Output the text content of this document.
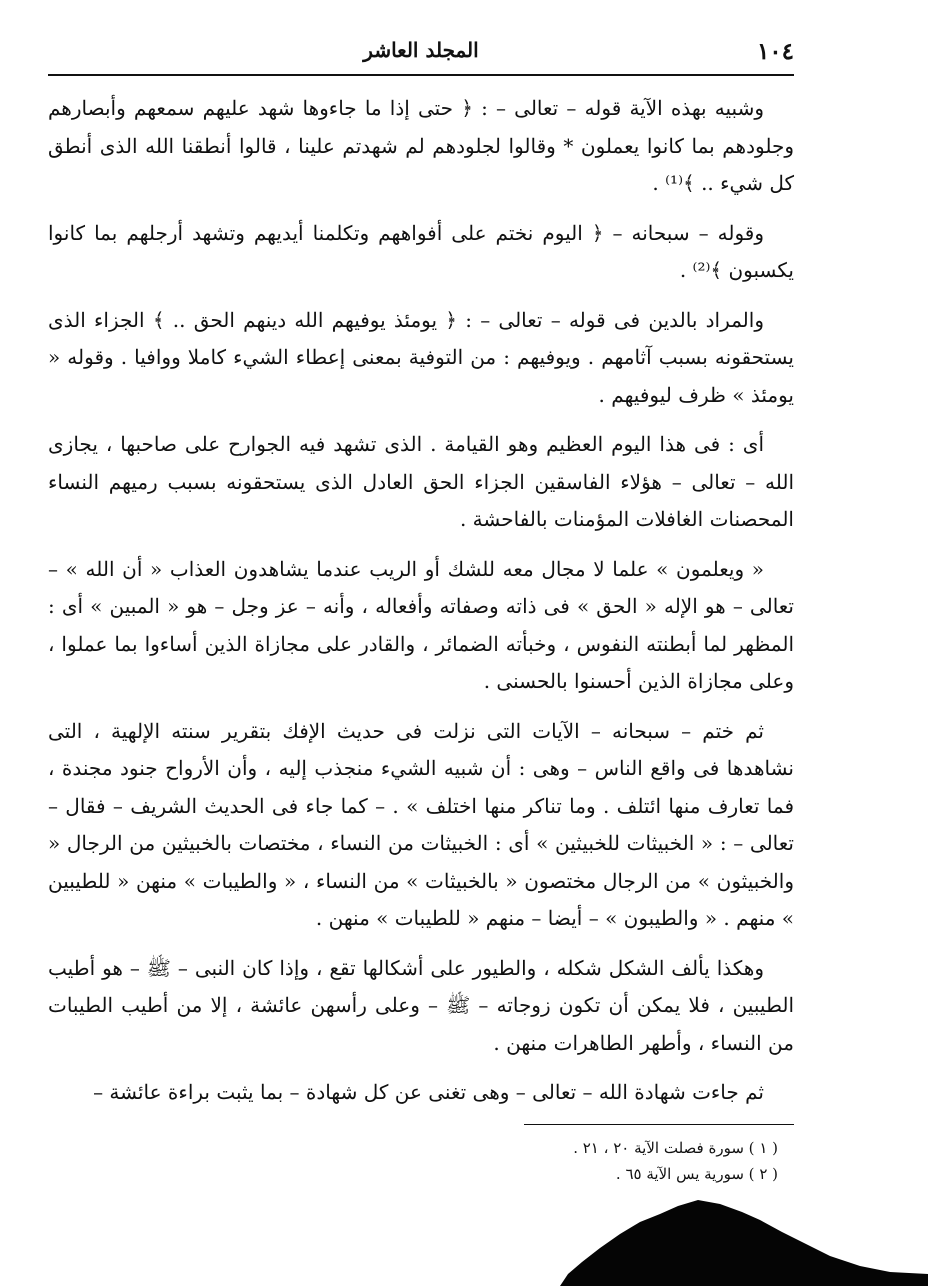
١٠٤
المجلد العاشر

وشبيه بهذه الآية قوله – تعالى – : ﴿ حتى إذا ما جاءوها شهد عليهم سمعهم وأبصارهم وجلودهم بما كانوا يعملون * وقالوا لجلودهم لم شهدتم علينا ، قالوا أنطقنا الله الذى أنطق كل شيء .. ﴾⁽¹⁾ .

وقوله – سبحانه – ﴿ اليوم نختم على أفواههم وتكلمنا أيديهم وتشهد أرجلهم بما كانوا يكسبون ﴾⁽²⁾ .

والمراد بالدين فى قوله – تعالى – : ﴿ يومئذ يوفيهم الله دينهم الحق .. ﴾ الجزاء الذى يستحقونه بسبب آثامهم . ويوفيهم : من التوفية بمعنى إعطاء الشيء كاملا ووافيا . وقوله « يومئذ » ظرف ليوفيهم .

أى : فى هذا اليوم العظيم وهو القيامة . الذى تشهد فيه الجوارح على صاحبها ، يجازى الله – تعالى – هؤلاء الفاسقين الجزاء الحق العادل الذى يستحقونه بسبب رميهم النساء المحصنات الغافلات المؤمنات بالفاحشة .

« ويعلمون » علما لا مجال معه للشك أو الريب عندما يشاهدون العذاب « أن الله » – تعالى – هو الإله « الحق » فى ذاته وصفاته وأفعاله ، وأنه – عز وجل – هو « المبين » أى : المظهر لما أبطنته النفوس ، وخبأته الضمائر ، والقادر على مجازاة الذين أساءوا بما عملوا ، وعلى مجازاة الذين أحسنوا بالحسنى .

ثم ختم – سبحانه – الآيات التى نزلت فى حديث الإفك بتقرير سنته الإلهية ، التى نشاهدها فى واقع الناس – وهى : أن شبيه الشيء منجذب إليه ، وأن الأرواح جنود مجندة ، فما تعارف منها ائتلف . وما تناكر منها اختلف » . – كما جاء فى الحديث الشريف – فقال – تعالى – : « الخبيثات للخبيثين » أى : الخبيثات من النساء ، مختصات بالخبيثين من الرجال « والخبيثون » من الرجال مختصون « بالخبيثات » من النساء ، « والطيبات » منهن « للطيبين » منهم . « والطيبون » – أيضا – منهم « للطيبات » منهن .

وهكذا يألف الشكل شكله ، والطيور على أشكالها تقع ، وإذا كان النبى – ﷺ – هو أطيب الطيبين ، فلا يمكن أن تكون زوجاته – ﷺ – وعلى رأسهن عائشة ، إلا من أطيب الطيبات من النساء ، وأطهر الطاهرات منهن .

ثم جاءت شهادة الله – تعالى – وهى تغنى عن كل شهادة – بما يثبت براءة عائشة –

( ١ ) سورة فصلت الآية ٢٠ ، ٢١ .

( ٢ ) سورية يس الآية ٦٥ .
